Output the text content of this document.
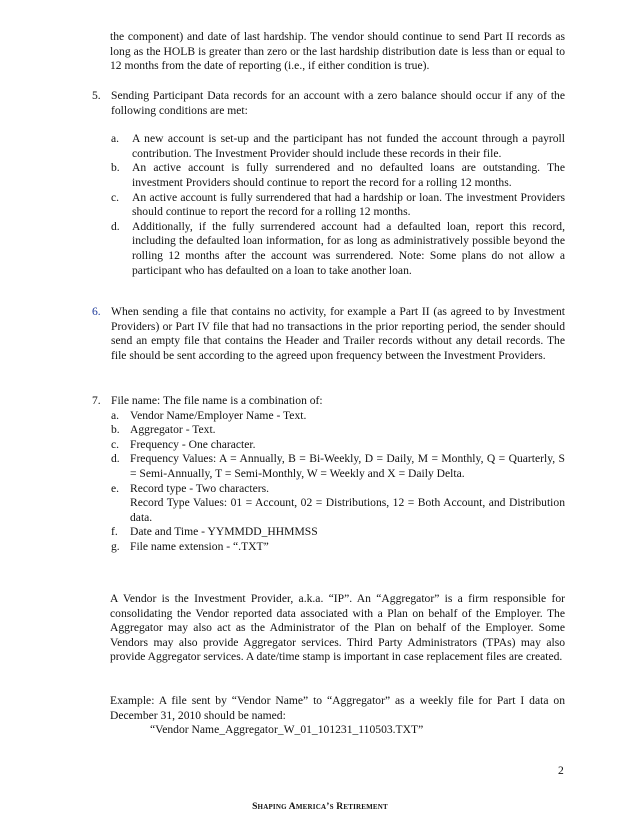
the component) and date of last hardship. The vendor should continue to send Part II records as long as the HOLB is greater than zero or the last hardship distribution date is less than or equal to 12 months from the date of reporting (i.e., if either condition is true).

5. Sending Participant Data records for an account with a zero balance should occur if any of the following conditions are met:

a. A new account is set-up and the participant has not funded the account through a payroll contribution. The Investment Provider should include these records in their file.
b. An active account is fully surrendered and no defaulted loans are outstanding. The investment Providers should continue to report the record for a rolling 12 months.
c. An active account is fully surrendered that had a hardship or loan. The investment Providers should continue to report the record for a rolling 12 months.
d. Additionally, if the fully surrendered account had a defaulted loan, report this record, including the defaulted loan information, for as long as administratively possible beyond the rolling 12 months after the account was surrendered. Note: Some plans do not allow a participant who has defaulted on a loan to take another loan.
6. When sending a file that contains no activity, for example a Part II (as agreed to by Investment Providers) or Part IV file that had no transactions in the prior reporting period, the sender should send an empty file that contains the Header and Trailer records without any detail records. The file should be sent according to the agreed upon frequency between the Investment Providers.

7. File name: The file name is a combination of:

a. Vendor Name/Employer Name - Text.
b. Aggregator - Text.
c. Frequency - One character.
d. Frequency Values: A = Annually, B = Bi-Weekly, D = Daily, M = Monthly, Q = Quarterly, S = Semi-Annually, T = Semi-Monthly, W = Weekly and X = Daily Delta.
e. Record type - Two characters.
Record Type Values: 01 = Account, 02 = Distributions, 12 = Both Account, and Distribution data.
f. Date and Time - YYMMDD_HHMMSS
g. File name extension - “.TXT”

A Vendor is the Investment Provider, a.k.a. “IP”. An “Aggregator” is a firm responsible for consolidating the Vendor reported data associated with a Plan on behalf of the Employer. The Aggregator may also act as the Administrator of the Plan on behalf of the Employer. Some Vendors may also provide Aggregator services. Third Party Administrators (TPAs) may also provide Aggregator services. A date/time stamp is important in case replacement files are created.

Example: A file sent by “Vendor Name” to “Aggregator” as a weekly file for Part I data on December 31, 2010 should be named:

“Vendor Name_Aggregator_W_01_101231_110503.TXT”
2
Shaping America’s Retirement
